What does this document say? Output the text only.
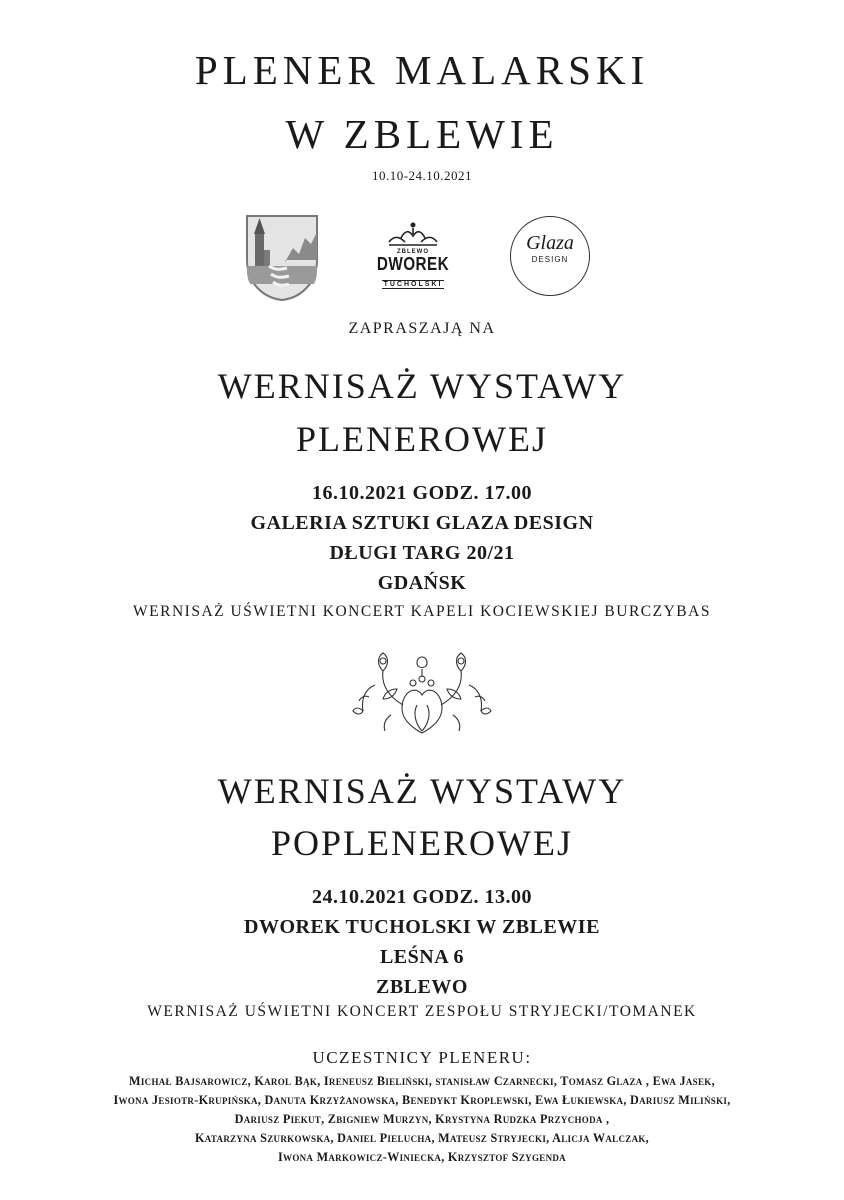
PLENER MALARSKI
W ZBLEWIE
10.10-24.10.2021
ZBLEWO
DWOREK
TUCHOLSKI
Glaza
DESIGN
ZAPRASZAJĄ NA
WERNISAŻ WYSTAWY
PLENEROWEJ
16.10.2021 GODZ. 17.00
GALERIA SZTUKI GLAZA DESIGN
DŁUGI TARG 20/21
GDAŃSK
WERNISAŻ UŚWIETNI KONCERT KAPELI KOCIEWSKIEJ BURCZYBAS
WERNISAŻ WYSTAWY
POPLENEROWEJ
24.10.2021 GODZ. 13.00
DWOREK TUCHOLSKI W ZBLEWIE
LEŚNA 6
ZBLEWO
WERNISAŻ UŚWIETNI KONCERT ZESPOŁU STRYJECKI/TOMANEK
UCZESTNICY PLENERU:
Michał Bajsarowicz, Karol Bąk, Ireneusz Bieliński, stanisław Czarnecki, Tomasz Glaza , Ewa Jasek,
Iwona Jesiotr-Krupińska, Danuta Krzyżanowska, Benedykt Kroplewski, Ewa Łukiewska, Dariusz Miliński,
Dariusz Piekut, Zbigniew Murzyn, Krystyna Rudzka Przychoda ,
Katarzyna Szurkowska, Daniel Pielucha, Mateusz Stryjecki, Alicja Walczak,
Iwona Markowicz-Winiecka, Krzysztof Szygenda
